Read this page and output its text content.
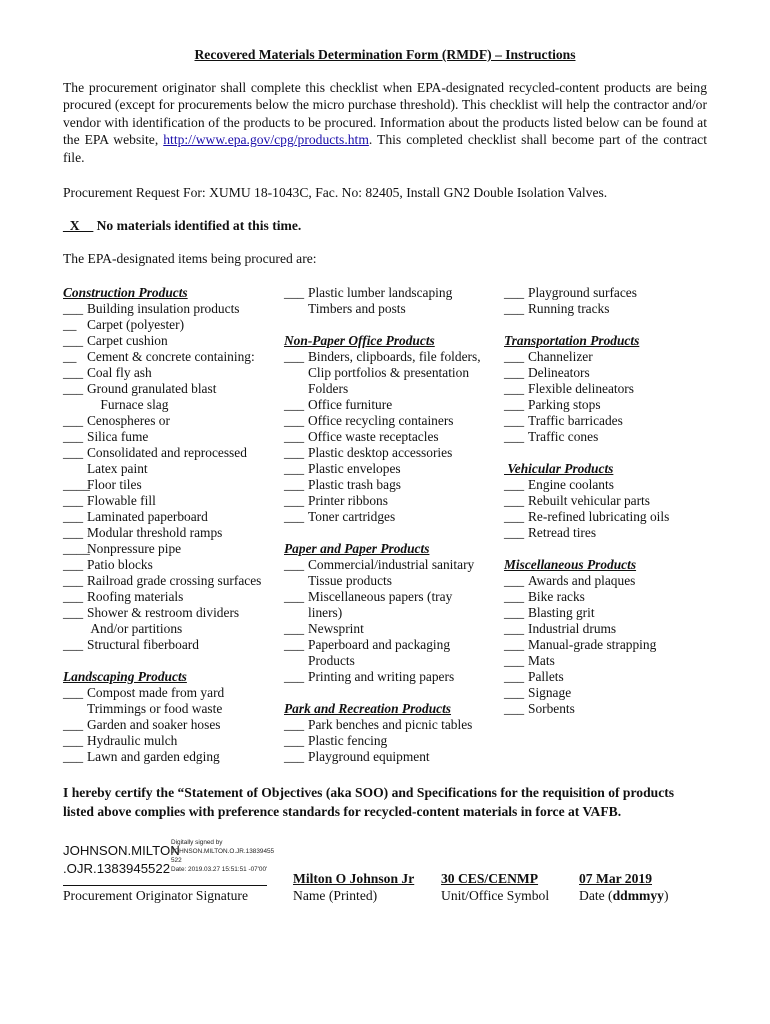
Recovered Materials Determination Form (RMDF) – Instructions

The procurement originator shall complete this checklist when EPA-designated recycled-content products are being procured (except for procurements below the micro purchase threshold). This checklist will help the contractor and/or vendor with identification of the products to be procured. Information about the products listed below can be found at the EPA website, http://www.epa.gov/cpg/products.htm. This completed checklist shall become part of the contract file.

Procurement Request For: XUMU 18-1043C, Fac. No: 82405, Install GN2 Double Isolation Valves.
_X__ No materials identified at this time.
The EPA-designated items being procured are:
Construction Products
___ Building insulation products
__ Carpet (polyester)
___ Carpet cushion
__ Cement & concrete containing:
___ Coal fly ash
___ Ground granulated blast
Furnace slag
___ Cenospheres or
___ Silica fume
___ Consolidated and reprocessed
Latex paint
____
Floor tiles
___ Flowable fill
___ Laminated paperboard
___ Modular threshold ramps
____
Nonpressure pipe
___ Patio blocks
___ Railroad grade crossing surfaces
___ Roofing materials
___ Shower & restroom dividers
And/or partitions
___ Structural fiberboard
Landscaping Products
___ Compost made from yard
Trimmings or food waste
___ Garden and soaker hoses
___ Hydraulic mulch
___ Lawn and garden edging
___ Plastic lumber landscaping
Timbers and posts
Non-Paper Office Products
___ Binders, clipboards, file folders,
Clip portfolios & presentation
Folders
___ Office furniture
___ Office recycling containers
___ Office waste receptacles
___ Plastic desktop accessories
___ Plastic envelopes
___ Plastic trash bags
___ Printer ribbons
___ Toner cartridges
Paper and Paper Products
___ Commercial/industrial sanitary
Tissue products
___ Miscellaneous papers (tray
liners)
___ Newsprint
___ Paperboard and packaging
Products
___ Printing and writing papers
Park and Recreation Products
___ Park benches and picnic tables
___ Plastic fencing
___ Playground equipment
___ Playground surfaces
___ Running tracks
Transportation Products
___ Channelizer
___ Delineators
___ Flexible delineators
___ Parking stops
___ Traffic barricades
___ Traffic cones
Vehicular Products
___ Engine coolants
___ Rebuilt vehicular parts
___ Re-refined lubricating oils
___ Retread tires
Miscellaneous Products
___ Awards and plaques
___ Bike racks
___ Blasting grit
___ Industrial drums
___ Manual-grade strapping
___ Mats
___ Pallets
___ Signage
___ Sorbents

I hereby certify the “Statement of Objectives (aka SOO) and Specifications for the requisition of products listed above complies with preference standards for recycled-content materials in force at VAFB.

JOHNSON.MILTON
.OJR.1383945522
Digitally signed by
JOHNSON.MILTON.O.JR.13839455
522
Date: 2019.03.27 15:51:51 -07'00'
Procurement Originator Signature
Milton O Johnson Jr
Name (Printed)
30 CES/CENMP
Unit/Office Symbol
07 Mar 2019
Date (ddmmyy)
